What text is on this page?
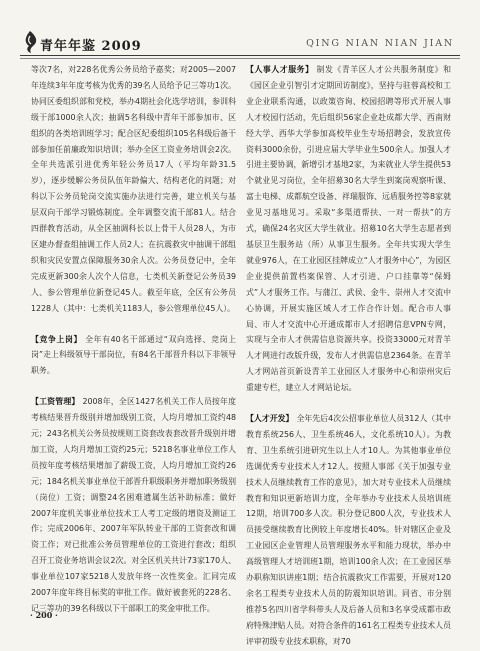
青年年鉴 2009	QING NIAN NIAN JIAN

等次7名，对228名优秀公务员给予嘉奖；对2005—2007年连续3年年度考核为优秀的39名人员给予记三等功1次。协同区委组织部和党校，举办4期社会化选学培训，参训科级干部1000余人次；抽调5名科级中青年干部参加市、区组织的各类培训班学习；配合区纪委组织105名科级后备干部参加任前廉政知识培训；举办全区工资业务培训会2次。全年共选派引进优秀年轻公务员17人（平均年龄31.5岁），逐步缓解公务员队伍年龄偏大、结构老化的问题；对科以下公务员轮岗交流实施办法进行完善，建立机关与基层双向干部学习锻炼制度。全年调整交流干部81人。结合四群教育活动，从全区抽调科长以上骨干人员28人，为市区建办督查组抽调工作人员2人；在抗震救灾中抽调干部组织和灾民安置点保障服务30余人次。公务员登记中，全年完成更新300余人次个人信息，七类机关新登记公务员39人、参公管理单位新登记45人。截至年底，全区有公务员1228人（其中：七类机关1183人，参公管理单位45人）。

【竞争上岗】 全年有40名干部通过“双向选择、竞岗上岗”走上科级领导干部岗位，有84名干部晋升科以下非领导职务。

【工资管理】 2008年，全区1427名机关工作人员按年度考核结果晋升级别并增加级别工资，人均月增加工资约48元；243名机关公务员按规则工资套改表套改晋升级别并增加工资，人均月增加工资约25元；5218名事业单位工作人员按年度考核结果增加了薪级工资，人均月增加工资约26元；184名机关事业单位干部晋升职级职务并增加职务级别（岗位）工资；调整24名困难遗属生活补助标准；做好2007年度机关事业单位技术工人考工定级的增资及测证工作；完成2006年、2007年军队转业干部的工资套改和调资工作；对已批准公务员管理单位的工资进行套改；组织召开工资业务培训会议2次。对全区机关共计73家170人、事业单位107家5218人发放年终一次性奖金。汇同完成2007年度年终目标奖的审批工作。做好被套死的228名、记三等功的39名科级以下干部职工的奖金审批工作。

【人事人才服务】 制发《青羊区人才公共服务制度》和《园区企业引智引才定期回访制度》，坚持与驻蓉高校和工业企业联系沟通，以政策咨询、校园招聘等形式开展人事人才校园行活动，先后组织56家企业赴成都大学、西南财经大学、西华大学参加高校毕业生专场招聘会，发放宣传资料3000余份，引进应届大学毕业生500余人。加强人才引进主要协调，新增引才基地2家，为来就业人学生提供53个就业见习岗位，全年招募30名大学生到案岗观察听课、富士电梯、成都航空设备、祥瑞服饰、远盾服务控等8家就业见习基地见习。采取“多渠道帮扶、一对一帮扶”的方式，确保24名灾区大学生就业。招募10名大学生志愿者到基层卫生服务站（所）从事卫生服务。全年共实现大学生就业976人，在工业园区挂牌成立“人才服务中心”，为园区企业提供前置档案保管、人才引进、户口挂靠等“保姆式”人才服务工作。与蒲江、武侯、金牛、崇州人才交流中心协调，开展实施区域人才工作合作计划。配合市人事局、市人才交流中心开通成都市人才招聘信息VPN专网，实现与全市人才供需信息资源共享。投资33000元对青羊人才网进行改版升级，发布人才供需信息2364条。在青羊人才网站首页新设青羊工业园区人才服务中心和崇州灾后重建专栏，建立人才网站论坛。

【人才开发】 全年先后4次公招事业单位人员312人（其中教育系统256人、卫生系统46人，文化系统10人）。为教育、卫生系统引进研究生以上人才10人。为其他事业单位选调优秀专业技术人才12人。按照人事部《关于加强专业技术人员继续教育工作的意见》，加大对专业技术人员继续教育和知识更新培训力度，全年举办专业技术人员培训班12期，培训700多人次。积分登记800人次，专业技术人员接受继续教育比例较上年度增长40%。针对辖区企业及工业园区企业管理人员管理服务水平和能力现状，举办中高级管理人才培训班1期，培训100余人次；在工业园区举办职称知识讲座1期；结合抗震救灾工作需要，开展对120余名工程类专业技术人员的防震知识培训。同省、市分别推荐5名四川省学科带头人及后备人员和3名享受成都市政府特殊津贴人员。对符合条件的161名工程类专业技术人员评审初级专业技术职称，对70

· 200 ·
